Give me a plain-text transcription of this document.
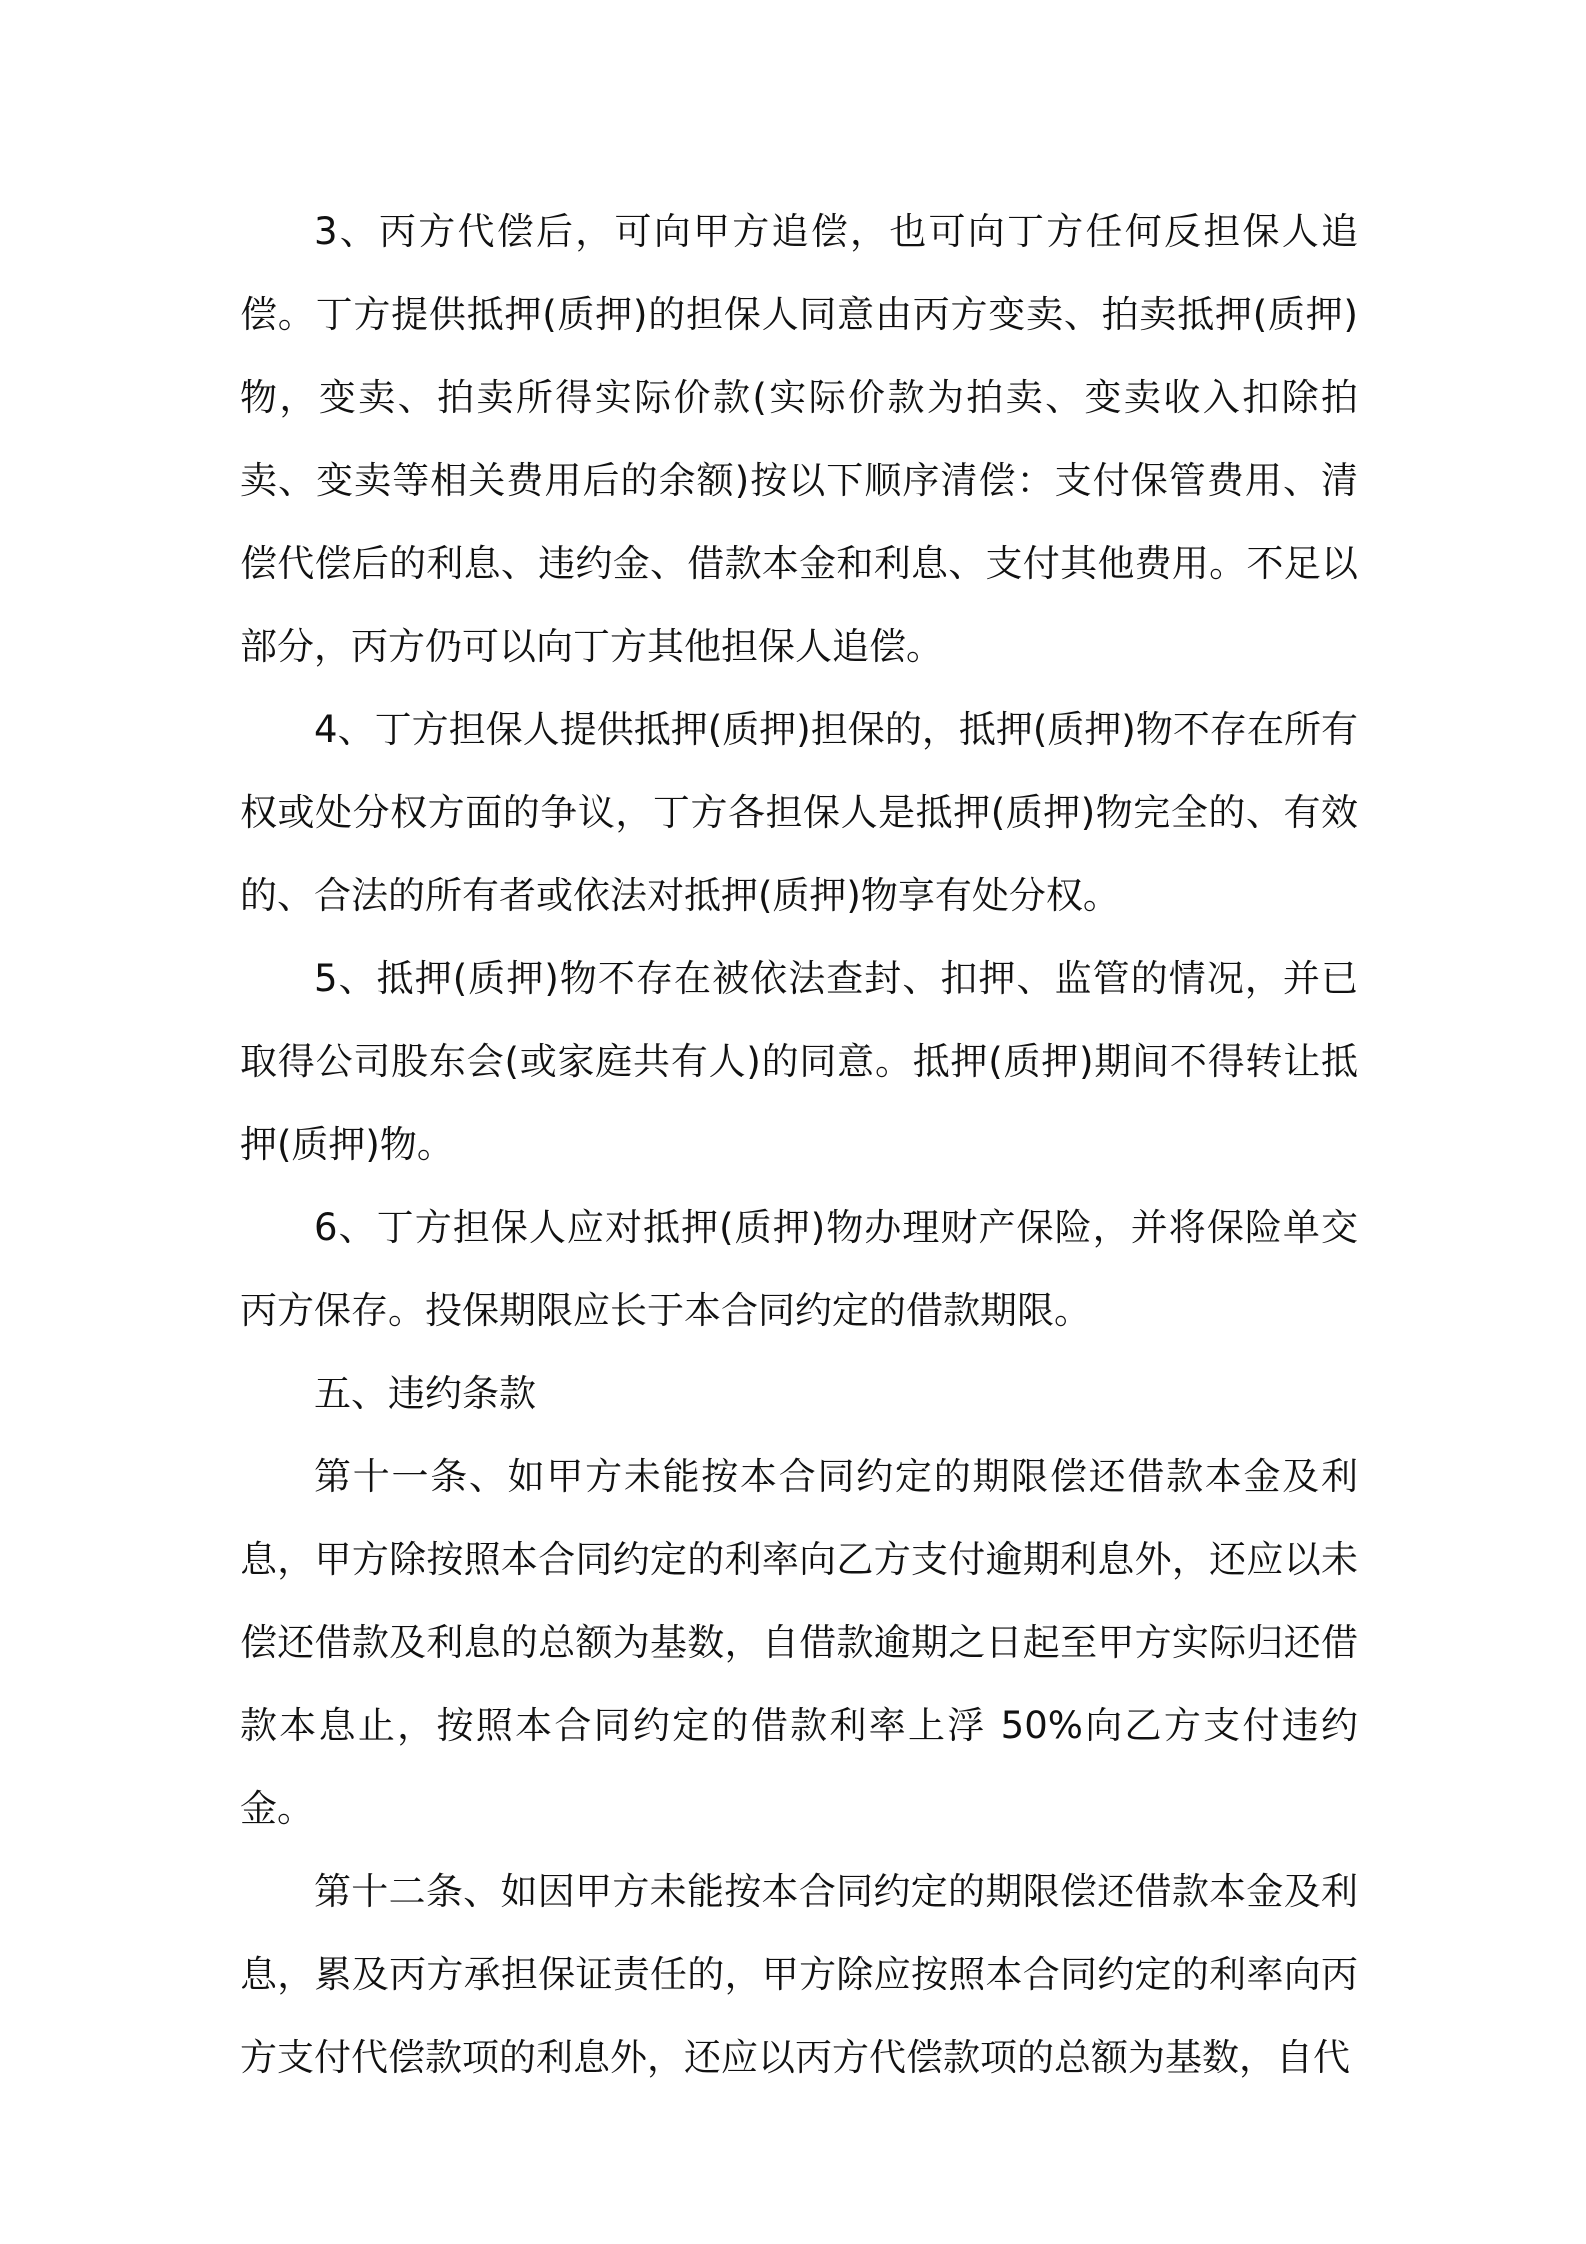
3、丙方代偿后，可向甲方追偿，也可向丁方任何反担保人追偿。丁方提供抵押(质押)的担保人同意由丙方变卖、拍卖抵押(质押)物，变卖、拍卖所得实际价款(实际价款为拍卖、变卖收入扣除拍卖、变卖等相关费用后的余额)按以下顺序清偿：支付保管费用、清偿代偿后的利息、违约金、借款本金和利息、支付其他费用。不足以部分，丙方仍可以向丁方其他担保人追偿。

4、丁方担保人提供抵押(质押)担保的，抵押(质押)物不存在所有权或处分权方面的争议，丁方各担保人是抵押(质押)物完全的、有效的、合法的所有者或依法对抵押(质押)物享有处分权。

5、抵押(质押)物不存在被依法查封、扣押、监管的情况，并已取得公司股东会(或家庭共有人)的同意。抵押(质押)期间不得转让抵押(质押)物。

6、丁方担保人应对抵押(质押)物办理财产保险，并将保险单交丙方保存。投保期限应长于本合同约定的借款期限。

五、违约条款

第十一条、如甲方未能按本合同约定的期限偿还借款本金及利息，甲方除按照本合同约定的利率向乙方支付逾期利息外，还应以未偿还借款及利息的总额为基数，自借款逾期之日起至甲方实际归还借款本息止，按照本合同约定的借款利率上浮 50%向乙方支付违约金。

第十二条、如因甲方未能按本合同约定的期限偿还借款本金及利息，累及丙方承担保证责任的，甲方除应按照本合同约定的利率向丙方支付代偿款项的利息外，还应以丙方代偿款项的总额为基数，自代
